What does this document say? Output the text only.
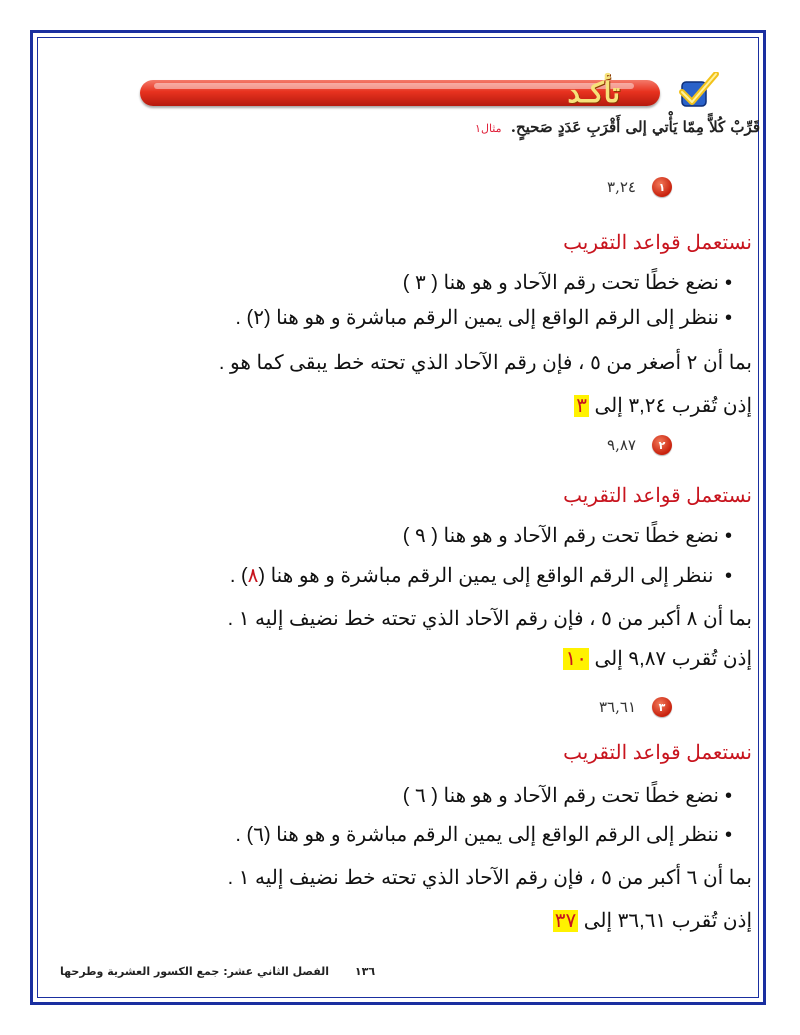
تأكـد
قَرِّبْ كُلاًّ مِمّا يَأْتي إلى أَقْرَبِ عَدَدٍ صَحيحٍ. مثال١
١
٣,٢٤
نستعمل قواعد التقريب
• نضع خطًا تحت رقم الآحاد و هو هنا ( ٣ )
• ننظر إلى الرقم الواقع إلى يمين الرقم مباشرة و هو هنا (٢) .
بما أن ٢ أصغر من ٥ ، فإن رقم الآحاد الذي تحته خط يبقى كما هو .
إذن تُقرب ٣,٢٤ إلى ٣
٢
٩,٨٧
نستعمل قواعد التقريب
• نضع خطًا تحت رقم الآحاد و هو هنا ( ٩ )
• ننظر إلى الرقم الواقع إلى يمين الرقم مباشرة و هو هنا (٨) .
بما أن ٨ أكبر من ٥ ، فإن رقم الآحاد الذي تحته خط نضيف إليه ١ .
إذن تُقرب ٩,٨٧ إلى ١٠
٣
٣٦,٦١
نستعمل قواعد التقريب
• نضع خطًا تحت رقم الآحاد و هو هنا ( ٦ )
• ننظر إلى الرقم الواقع إلى يمين الرقم مباشرة و هو هنا (٦) .
بما أن ٦ أكبر من ٥ ، فإن رقم الآحاد الذي تحته خط نضيف إليه ١ .
إذن تُقرب ٣٦,٦١ إلى ٣٧
١٣٦ الفصل الثاني عشر: جمع الكسور العشرية وطرحها
